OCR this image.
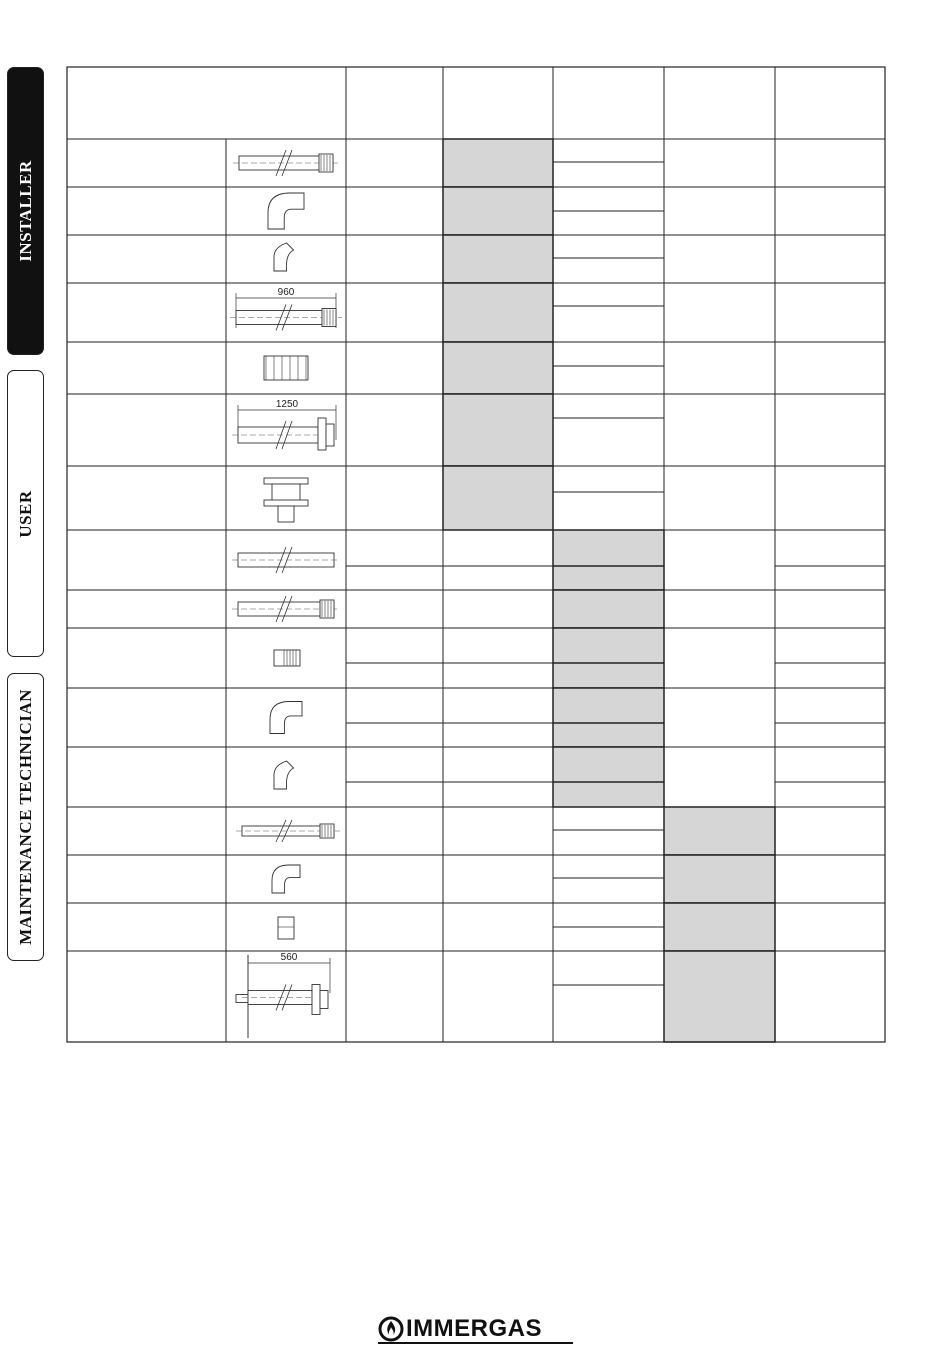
INSTALLER
USER
MAINTENANCE TECHNICIAN
960
1250
560
IMMERGAS
